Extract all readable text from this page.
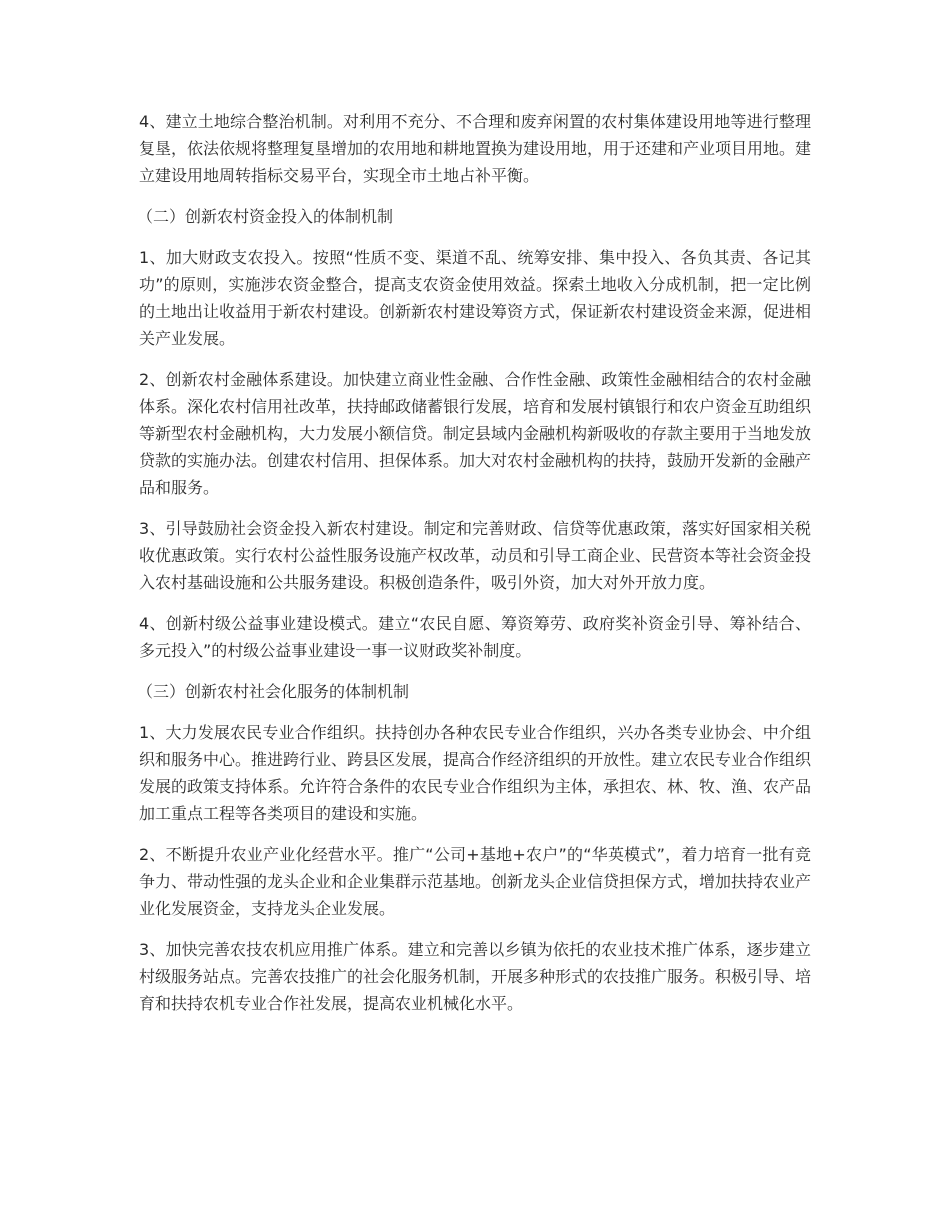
4、建立土地综合整治机制。对利用不充分、不合理和废弃闲置的农村集体建设用地等进行整理复垦，依法依规将整理复垦增加的农用地和耕地置换为建设用地，用于还建和产业项目用地。建立建设用地周转指标交易平台，实现全市土地占补平衡。

（二）创新农村资金投入的体制机制

1、加大财政支农投入。按照“性质不变、渠道不乱、统筹安排、集中投入、各负其责、各记其功”的原则，实施涉农资金整合，提高支农资金使用效益。探索土地收入分成机制，把一定比例的土地出让收益用于新农村建设。创新新农村建设筹资方式，保证新农村建设资金来源，促进相关产业发展。

2、创新农村金融体系建设。加快建立商业性金融、合作性金融、政策性金融相结合的农村金融体系。深化农村信用社改革，扶持邮政储蓄银行发展，培育和发展村镇银行和农户资金互助组织等新型农村金融机构，大力发展小额信贷。制定县域内金融机构新吸收的存款主要用于当地发放贷款的实施办法。创建农村信用、担保体系。加大对农村金融机构的扶持，鼓励开发新的金融产品和服务。

3、引导鼓励社会资金投入新农村建设。制定和完善财政、信贷等优惠政策，落实好国家相关税收优惠政策。实行农村公益性服务设施产权改革，动员和引导工商企业、民营资本等社会资金投入农村基础设施和公共服务建设。积极创造条件，吸引外资，加大对外开放力度。

4、创新村级公益事业建设模式。建立“农民自愿、筹资筹劳、政府奖补资金引导、筹补结合、多元投入”的村级公益事业建设一事一议财政奖补制度。

（三）创新农村社会化服务的体制机制

1、大力发展农民专业合作组织。扶持创办各种农民专业合作组织，兴办各类专业协会、中介组织和服务中心。推进跨行业、跨县区发展，提高合作经济组织的开放性。建立农民专业合作组织发展的政策支持体系。允许符合条件的农民专业合作组织为主体，承担农、林、牧、渔、农产品加工重点工程等各类项目的建设和实施。

2、不断提升农业产业化经营水平。推广“公司+基地+农户”的“华英模式”，着力培育一批有竞争力、带动性强的龙头企业和企业集群示范基地。创新龙头企业信贷担保方式，增加扶持农业产业化发展资金，支持龙头企业发展。

3、加快完善农技农机应用推广体系。建立和完善以乡镇为依托的农业技术推广体系，逐步建立村级服务站点。完善农技推广的社会化服务机制，开展多种形式的农技推广服务。积极引导、培育和扶持农机专业合作社发展，提高农业机械化水平。
